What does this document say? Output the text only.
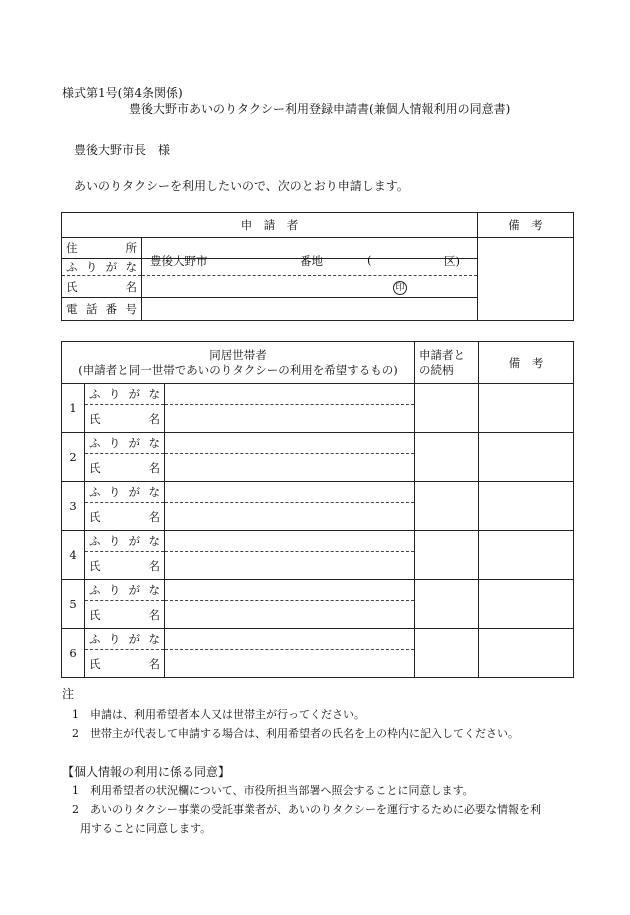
様式第1号(第4条関係)
豊後大野市あいのりタクシー利用登録申請書(兼個人情報利用の同意書)
豊後大野市長　様
あいのりタクシーを利用したいので、次のとおり申請します。
申　請　者		備　考

住 所	豊後大野市 番地 ( 区)	

ふ り が な		

氏 名	印	

電 話 番 号		

同居世帯者
(申請者と同一世帯であいのりタクシーの利用を希望するもの)			申請者との続柄	備　考
1	ふ り が な			

	氏 名			

2	ふ り が な			

	氏 名			

3	ふ り が な			

	氏 名			

4	ふ り が な			

	氏 名			

5	ふ り が な			

	氏 名			

6	ふ り が な			

	氏 名			

注
1　申請は、利用希望者本人又は世帯主が行ってください。
2　世帯主が代表して申請する場合は、利用希望者の氏名を上の枠内に記入してください。
【個人情報の利用に係る同意】
1　利用希望者の状況欄について、市役所担当部署へ照会することに同意します。
2　あいのりタクシー事業の受託事業者が、あいのりタクシーを運行するために必要な情報を利
用することに同意します。
